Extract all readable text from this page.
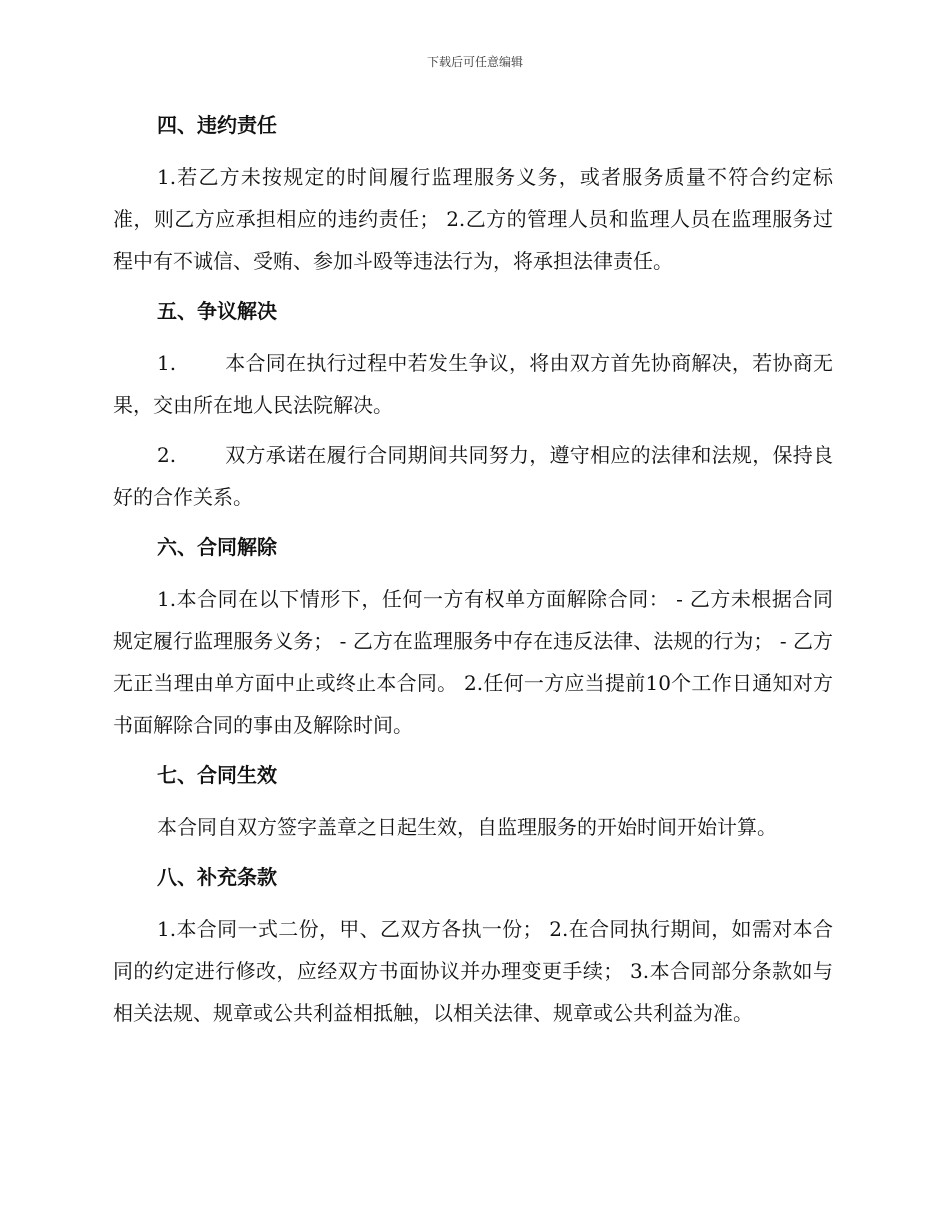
下载后可任意编辑
四、违约责任

1.若乙方未按规定的时间履行监理服务义务，或者服务质量不符合约定标准，则乙方应承担相应的违约责任； 2.乙方的管理人员和监理人员在监理服务过程中有不诚信、受贿、参加斗殴等违法行为，将承担法律责任。

五、争议解决

1. 本合同在执行过程中若发生争议，将由双方首先协商解决，若协商无果，交由所在地人民法院解决。

2. 双方承诺在履行合同期间共同努力，遵守相应的法律和法规，保持良好的合作关系。

六、合同解除

1.本合同在以下情形下，任何一方有权单方面解除合同： - 乙方未根据合同规定履行监理服务义务； - 乙方在监理服务中存在违反法律、法规的行为； - 乙方无正当理由单方面中止或终止本合同。 2.任何一方应当提前10个工作日通知对方书面解除合同的事由及解除时间。

七、合同生效

本合同自双方签字盖章之日起生效，自监理服务的开始时间开始计算。

八、补充条款

1.本合同一式二份，甲、乙双方各执一份； 2.在合同执行期间，如需对本合同的约定进行修改，应经双方书面协议并办理变更手续； 3.本合同部分条款如与相关法规、规章或公共利益相抵触，以相关法律、规章或公共利益为准。
